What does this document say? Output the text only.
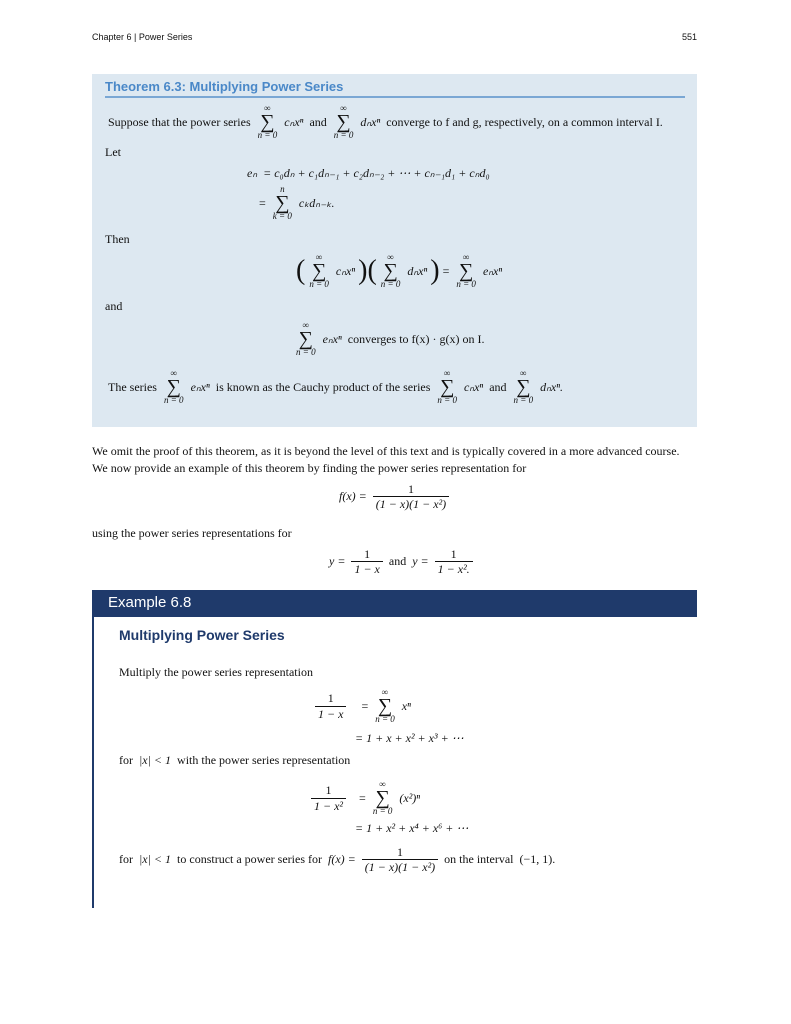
Chapter 6 | Power Series	551
Theorem 6.3: Multiplying Power Series
Suppose that the power series
∞
∑
n = 0
cₙxⁿ and
∞
∑
n = 0
dₙxⁿ converge to f and g, respectively, on a common interval I.
Let
eₙ = c₀dₙ + c₁dₙ₋₁ + c₂dₙ₋₂ + ⋯ + cₙ₋₁d₁ + cₙd₀
=
n
∑
k = 0
cₖdₙ₋ₖ.
Then
( ∞
∑
n = 0
cₙxⁿ ) ( ∞
∑
n = 0
dₙxⁿ ) =
∞
∑
n = 0
eₙxⁿ
and
∞
∑
n = 0
eₙxⁿ converges to f(x) · g(x) on I.
The series
∞
∑
n = 0
eₙxⁿ is known as the Cauchy product of the series
∞
∑
n = 0
cₙxⁿ and
∞
∑
n = 0
dₙxⁿ.
We omit the proof of this theorem, as it is beyond the level of this text and is typically covered in a more advanced course.
We now provide an example of this theorem by finding the power series representation for
$f(x) = \frac{1}{\text{(1 − x)(1 − x²)}}$
using the power series representations for
$y = \frac{1}{1 - x}$ and $y = \frac{1}{\text{1 − x².}}$
Example 6.8
Multiplying Power Series
Multiply the power series representation
$\frac{1}{1 - x}$ =
∞
∑
n = 0
xⁿ
= 1 + x + x² + x³ + ⋯
for |x| < 1 with the power series representation
$\frac{1}{\text{1 − x²}}$ =
∞
∑
n = 0
(x²)ⁿ
= 1 + x² + x⁴ + x⁶ + ⋯
for |x| < 1 to construct a power series for $f(x) = \frac{1}{\text{(1 − x)(1 − x²)}}$ on the interval (−1, 1).
